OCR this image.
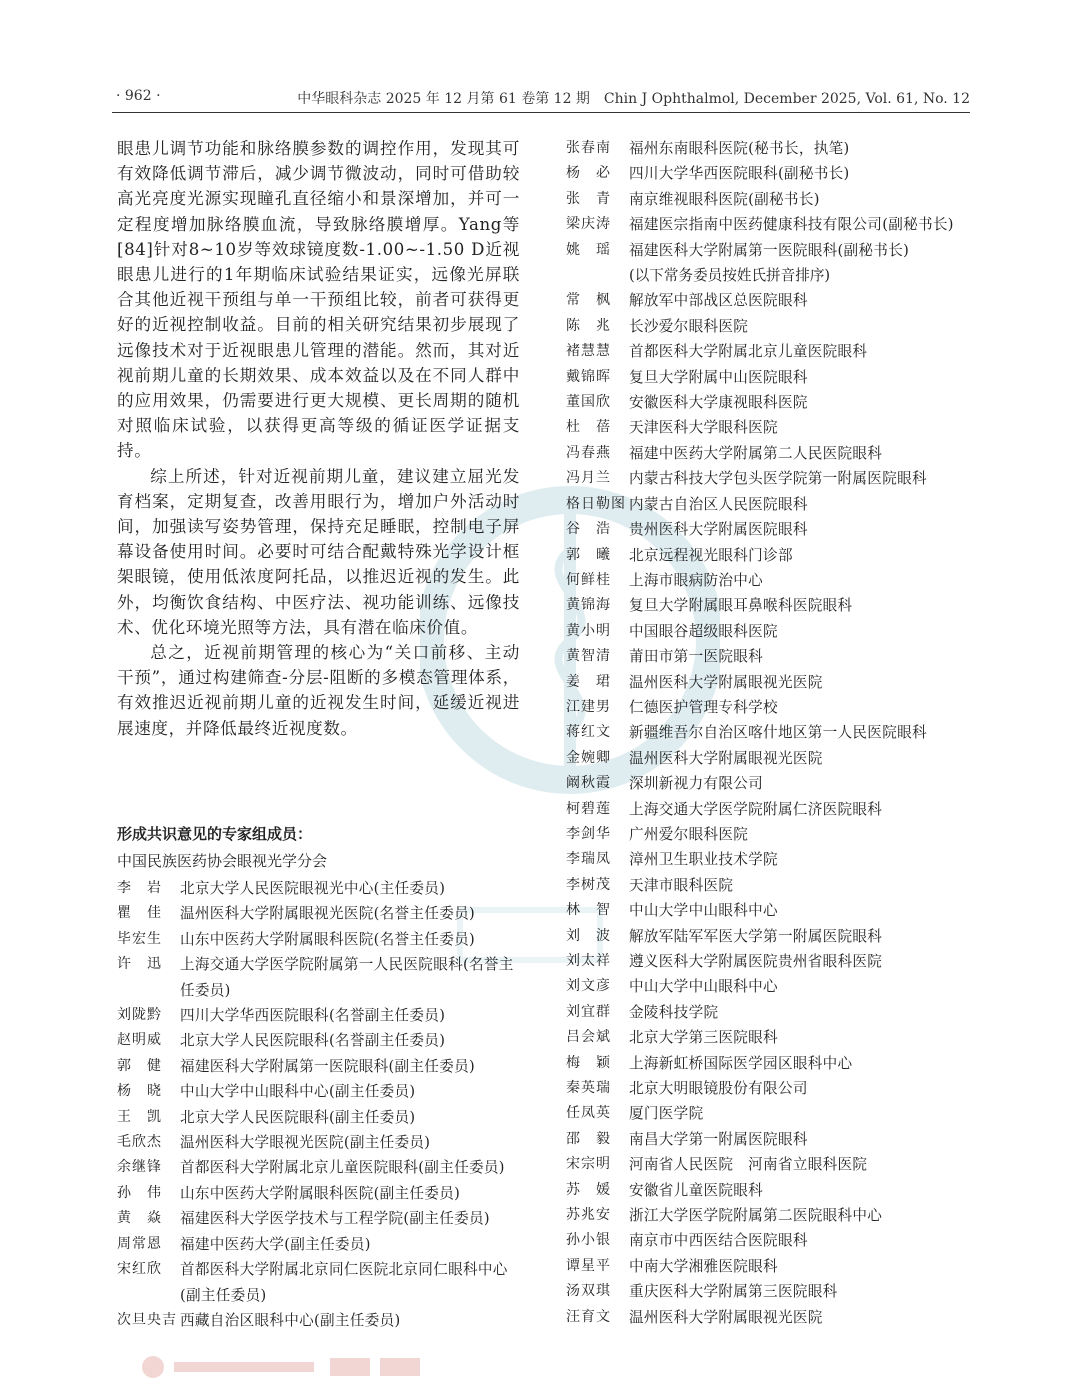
· 962 ·	中华眼科杂志 2025 年 12 月第 61 卷第 12 期　Chin J Ophthalmol, December 2025, Vol. 61, No. 12

眼患儿调节功能和脉络膜参数的调控作用，发现其可有效降低调节滞后，减少调节微波动，同时可借助较高光亮度光源实现瞳孔直径缩小和景深增加，并可一定程度增加脉络膜血流，导致脉络膜增厚。Yang等[84]针对8~10岁等效球镜度数-1.00~-1.50 D近视眼患儿进行的1年期临床试验结果证实，远像光屏联合其他近视干预组与单一干预组比较，前者可获得更好的近视控制收益。目前的相关研究结果初步展现了远像技术对于近视眼患儿管理的潜能。然而，其对近视前期儿童的长期效果、成本效益以及在不同人群中的应用效果，仍需要进行更大规模、更长周期的随机对照临床试验，以获得更高等级的循证医学证据支持。

综上所述，针对近视前期儿童，建议建立屈光发育档案，定期复查，改善用眼行为，增加户外活动时间，加强读写姿势管理，保持充足睡眠，控制电子屏幕设备使用时间。必要时可结合配戴特殊光学设计框架眼镜，使用低浓度阿托品，以推迟近视的发生。此外，均衡饮食结构、中医疗法、视功能训练、远像技术、优化环境光照等方法，具有潜在临床价值。

总之，近视前期管理的核心为“关口前移、主动干预”，通过构建筛查-分层-阻断的多模态管理体系，有效推迟近视前期儿童的近视发生时间，延缓近视进展速度，并降低最终近视度数。

形成共识意见的专家组成员：
中国民族医药协会眼视光学分会
李　岩	北京大学人民医院眼视光中心(主任委员)
瞿　佳	温州医科大学附属眼视光医院(名誉主任委员)
毕宏生	山东中医药大学附属眼科医院(名誉主任委员)
许　迅	上海交通大学医学院附属第一人民医院眼科(名誉主任委员)
刘陇黔	四川大学华西医院眼科(名誉副主任委员)
赵明威	北京大学人民医院眼科(名誉副主任委员)
郭　健	福建医科大学附属第一医院眼科(副主任委员)
杨　晓	中山大学中山眼科中心(副主任委员)
王　凯	北京大学人民医院眼科(副主任委员)
毛欣杰	温州医科大学眼视光医院(副主任委员)
余继锋	首都医科大学附属北京儿童医院眼科(副主任委员)
孙　伟	山东中医药大学附属眼科医院(副主任委员)
黄　焱	福建医科大学医学技术与工程学院(副主任委员)
周常恩	福建中医药大学(副主任委员)
宋红欣	首都医科大学附属北京同仁医院北京同仁眼科中心(副主任委员)
次旦央吉 西藏自治区眼科中心(副主任委员)
张春南	福州东南眼科医院(秘书长，执笔)
杨　必	四川大学华西医院眼科(副秘书长)
张　青	南京维视眼科医院(副秘书长)
梁庆涛	福建医宗指南中医药健康科技有限公司(副秘书长)
姚　瑶	福建医科大学附属第一医院眼科(副秘书长)
(以下常务委员按姓氏拼音排序)
常　枫	解放军中部战区总医院眼科
陈　兆	长沙爱尔眼科医院
褚慧慧	首都医科大学附属北京儿童医院眼科
戴锦晖	复旦大学附属中山医院眼科
董国欣	安徽医科大学康视眼科医院
杜　蓓	天津医科大学眼科医院
冯春燕	福建中医药大学附属第二人民医院眼科
冯月兰	内蒙古科技大学包头医学院第一附属医院眼科
格日勒图 内蒙古自治区人民医院眼科
谷　浩	贵州医科大学附属医院眼科
郭　曦	北京远程视光眼科门诊部
何鲜桂	上海市眼病防治中心
黄锦海	复旦大学附属眼耳鼻喉科医院眼科
黄小明	中国眼谷超级眼科医院
黄智清	莆田市第一医院眼科
姜　珺	温州医科大学附属眼视光医院
江建男	仁德医护管理专科学校
蒋红文	新疆维吾尔自治区喀什地区第一人民医院眼科
金婉卿	温州医科大学附属眼视光医院
阚秋霞	深圳新视力有限公司
柯碧莲	上海交通大学医学院附属仁济医院眼科
李剑华	广州爱尔眼科医院
李瑞凤	漳州卫生职业技术学院
李树茂	天津市眼科医院
林　智	中山大学中山眼科中心
刘　波	解放军陆军军医大学第一附属医院眼科
刘太祥	遵义医科大学附属医院贵州省眼科医院
刘文彦	中山大学中山眼科中心
刘宜群	金陵科技学院
吕会斌	北京大学第三医院眼科
梅　颖	上海新虹桥国际医学园区眼科中心
秦英瑞	北京大明眼镜股份有限公司
任凤英	厦门医学院
邵　毅	南昌大学第一附属医院眼科
宋宗明	河南省人民医院　河南省立眼科医院
苏　媛	安徽省儿童医院眼科
苏兆安	浙江大学医学院附属第二医院眼科中心
孙小银	南京市中西医结合医院眼科
谭星平	中南大学湘雅医院眼科
汤双琪	重庆医科大学附属第三医院眼科
汪育文	温州医科大学附属眼视光医院
